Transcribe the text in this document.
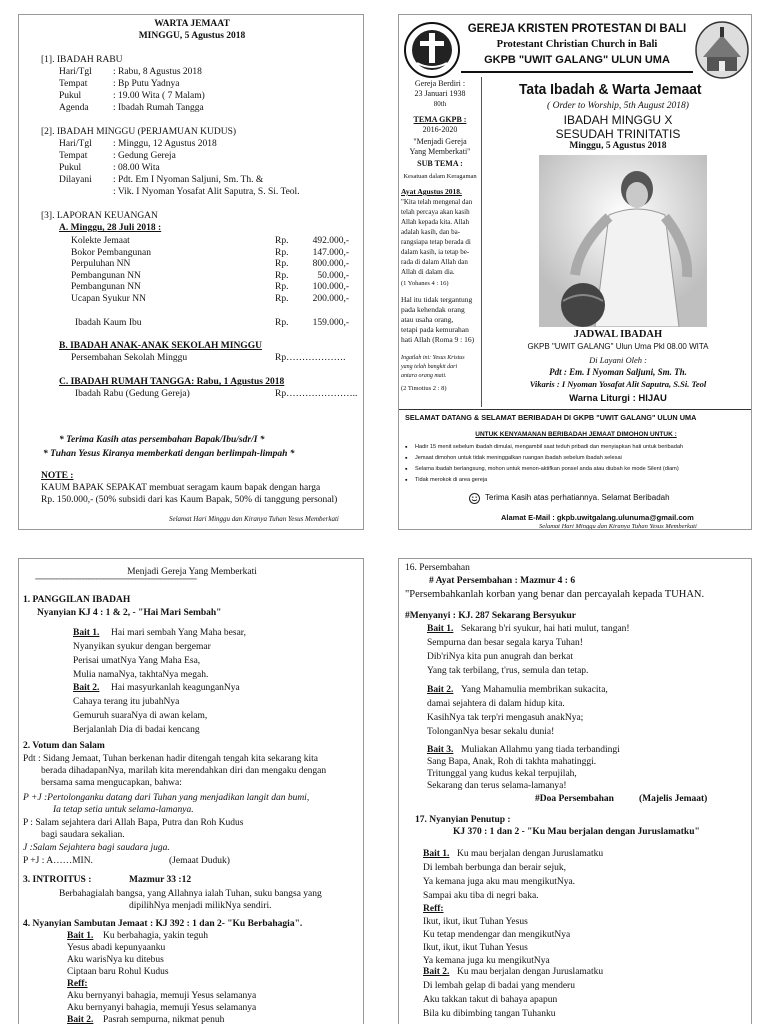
WARTA JEMAAT
MINGGU, 5 Agustus 2018
[1]. IBADAH RABU
Hari/Tgl : Rabu, 8 Agustus 2018
Tempat	: Bp Putu Yadnya
Pukul	: 19.00 Wita ( 7 Malam)
Agenda	: Ibadah Rumah Tangga
[2]. IBADAH MINGGU (PERJAMUAN KUDUS)
Hari/Tgl : Minggu, 12 Agustus 2018
Tempat	: Gedung Gereja
Pukul	: 08.00 Wita
Dilayani : Pdt. Em I Nyoman Saljuni, Sm. Th. &
: Vik. I Nyoman Yosafat Alit Saputra, S. Si. Teol.
[3]. LAPORAN KEUANGAN
A. Minggu, 28 Juli 2018 :
Kolekte Jemaat	Rp.	492.000,-
Bokor Pembangunan	Rp.	147.000,-
Perpuluhan NN	Rp.	800.000,-
Pembangunan NN	Rp.	50.000,-
Pembangunan NN	Rp.	100.000,-
Ucapan Syukur NN	Rp.	200.000,-
Ibadah Kaum Ibu	Rp.	159.000,-
B. IBADAH ANAK-ANAK SEKOLAH MINGGU
Persembahan Sekolah Minggu	Rp……………….
C. IBADAH RUMAH TANGGA: Rabu, 1 Agustus 2018
Ibadah Rabu (Gedung Gereja)	Rp…………………..
* Terima Kasih atas persembahan Bapak/Ibu/sdr/I *
* Tuhan Yesus Kiranya memberkati dengan berlimpah-limpah *
NOTE :
KAUM BAPAK SEPAKAT membuat seragam kaum bapak dengan harga
Rp. 150.000,- (50% subsidi dari kas Kaum Bapak, 50% di tanggung personal)
Selamat Hari Minggu dan Kiranya Tuhan Yesus Memberkati
GEREJA KRISTEN PROTESTAN DI BALI
Protestant Christian Church in Bali
GKPB "UWIT GALANG" ULUN UMA
Gereja Berdiri :
23 Januari 1938
80th
TEMA GKPB :
2016-2020
"Menjadi Gereja
Yang Memberkati"
SUB TEMA :
Kesatuan dalam Keragaman
Ayat Agustus 2018.
"Kita telah mengenal dan
telah percaya akan kasih
Allah kepada kita. Allah
adalah kasih, dan ba-
rangsiapa tetap berada di
dalam kasih, ia tetap be-
rada di dalam Allah dan
Allah di dalam dia.
(1 Yohanes 4 : 16)
Hal itu tidak tergantung
pada kehendak orang
atau usaha orang,
tetapi pada kemurahan
hati Allah (Roma 9 : 16)
Ingatlah ini: Yesus Kristus
yang telah bangkit dari
antara orang mati.
(2 Timotius 2 : 8)
Tata Ibadah & Warta Jemaat
( Order to Worship, 5th August 2018)
IBADAH MINGGU X
SESUDAH TRINITATIS
Minggu, 5 Agustus 2018
JADWAL IBADAH
GKPB "UWIT GALANG" Ulun Uma Pkl 08.00 WITA
Di Layani Oleh :
Pdt : Em. I Nyoman Saljuni, Sm. Th.
Vikaris : I Nyoman Yosafat Alit Saputra, S.Si. Teol
Warna Liturgi : HIJAU
SELAMAT DATANG & SELAMAT BERIBADAH DI GKPB "UWIT GALANG" ULUN UMA
UNTUK KENYAMANAN BERIBADAH JEMAAT DIMOHON UNTUK :
▪ Hadir 15 menit sebelum ibadah dimulai, mengambil saat teduh pribadi dan menyiapkan hati untuk beribadah
▪ Jemaat dimohon untuk tidak meninggalkan ruangan ibadah sebelum ibadah selesai
▪ Selama ibadah berlangsung, mohon untuk menon-aktifkan ponsel anda atau diubah ke mode Silent (diam)
▪ Tidak merokok di area gereja
Terima Kasih atas perhatiannya. Selamat Beribadah
Alamat E-Mail : gkpb.uwitgalang.ulunuma@gmail.com
Selamat Hari Minggu dan Kiranya Tuhan Yesus Memberkati
Menjadi Gereja Yang Memberkati
========================================================
1. PANGGILAN IBADAH
Nyanyian KJ 4 : 1 & 2, - "Hai Mari Sembah"
Bait 1. Hai mari sembah Yang Maha besar,
Nyanyikan syukur dengan bergemar
Perisai umatNya Yang Maha Esa,
Mulia namaNya, takhtaNya megah.
Bait 2. Hai masyurkanlah keagunganNya
Cahaya terang itu jubahNya
Gemuruh suaraNya di awan kelam,
Berjalanlah Dia di badai kencang
2. Votum dan Salam
Pdt : Sidang Jemaat, Tuhan berkenan hadir ditengah tengah kita sekarang kita
berada dihadapanNya, marilah kita merendahkan diri dan mengaku dengan
bersama sama mengucapkan, bahwa:
P +J :Pertolonganku datang dari Tuhan yang menjadikan langit dan bumi,
Ia tetap setia untuk selama-lamanya.
P : Salam sejahtera dari Allah Bapa, Putra dan Roh Kudus
bagi saudara sekalian.
J :Salam Sejahtera bagi saudara juga.
P +J : A……MIN.	(Jemaat Duduk)
3. INTROITUS :	Mazmur 33 :12
Berbahagialah bangsa, yang Allahnya ialah Tuhan, suku bangsa yang
dipilihNya menjadi milikNya sendiri.
4. Nyanyian Sambutan Jemaat : KJ 392 : 1 dan 2- "Ku Berbahagia".
Bait 1. Ku berbahagia, yakin teguh
Yesus abadi kepunyaanku
Aku warisNya ku ditebus
Ciptaan baru Rohul Kudus
Reff:
Aku bernyanyi bahagia, memuji Yesus selamanya
Aku bernyanyi bahagia, memuji Yesus selamanya
Bait 2. Pasrah sempurna, nikmat penuh
16. Persembahan
# Ayat Persembahan : Mazmur 4 : 6
"Persembahkanlah korban yang benar dan percayalah kepada TUHAN.
#Menyanyi : KJ. 287 Sekarang Bersyukur
Bait 1. Sekarang b'ri syukur, hai hati mulut, tangan!
Sempurna dan besar segala karya Tuhan!
Dib'riNya kita pun anugrah dan berkat
Yang tak terbilang, t'rus, semula dan tetap.
Bait 2. Yang Mahamulia membrikan sukacita,
damai sejahtera di dalam hidup kita.
KasihNya tak terp'ri mengasuh anakNya;
TolonganNya besar sekalu dunia!
Bait 3. Muliakan Allahmu yang tiada terbandingi
Sang Bapa, Anak, Roh di takhta mahatinggi.
Tritunggal yang kudus kekal terpujilah,
Sekarang dan terus selama-lamanya!
#Doa Persembahan	(Majelis Jemaat)
17. Nyanyian Penutup :
KJ 370 : 1 dan 2 - "Ku Mau berjalan dengan Juruslamatku"
Bait 1. Ku mau berjalan dengan Juruslamatku
Di lembah berbunga dan berair sejuk,
Ya kemana juga aku mau mengikutNya.
Sampai aku tiba di negri baka.
Reff:
Ikut, ikut, ikut Tuhan Yesus
Ku tetap mendengar dan mengikutNya
Ikut, ikut, ikut Tuhan Yesus
Ya kemana juga ku mengikutNya
Bait 2. Ku mau berjalan dengan Juruslamatku
Di lembah gelap di badai yang menderu
Aku takkan takut di bahaya apapun
Bila ku dibimbing tangan Tuhanku
